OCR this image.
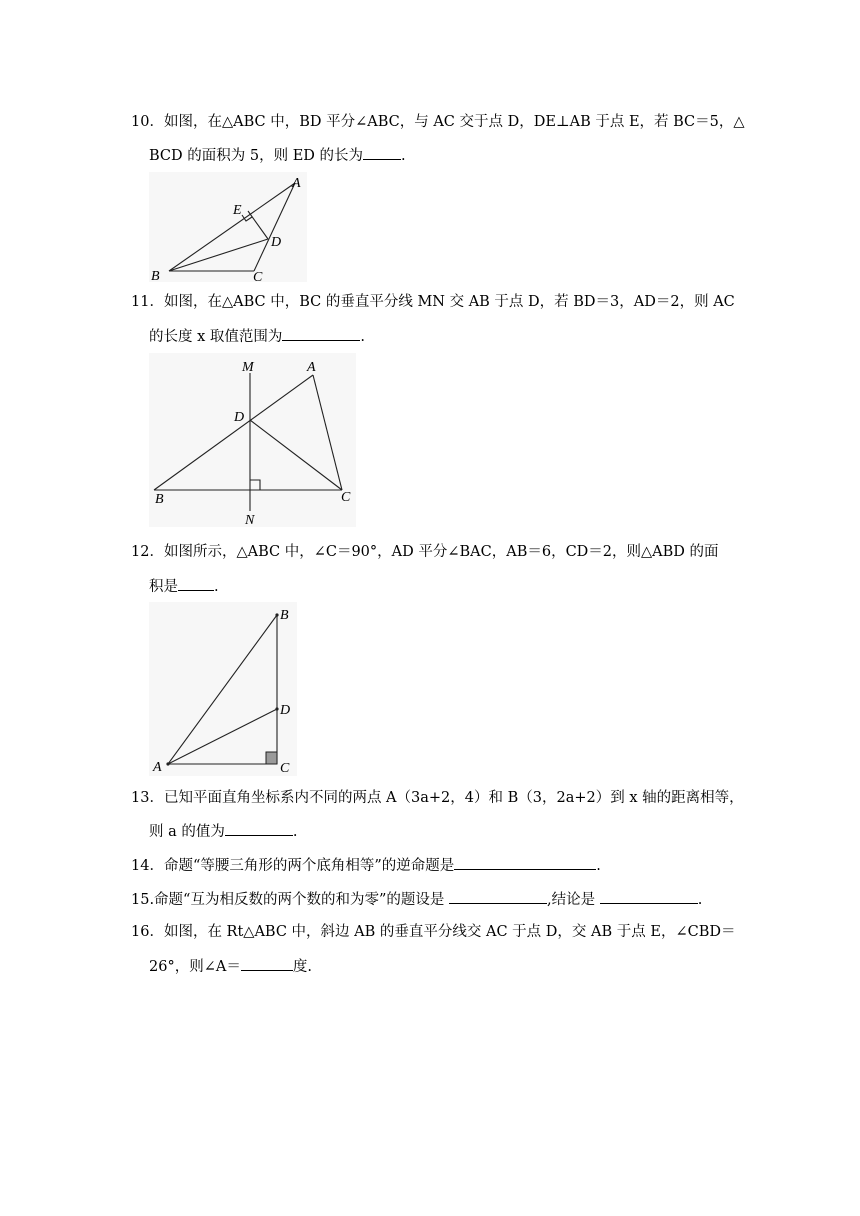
10．如图，在△ABC 中，BD 平分∠ABC，与 AC 交于点 D，DE⊥AB 于点 E，若 BC＝5，△
BCD 的面积为 5，则 ED 的长为	.
A
E
D
B	C
11．如图，在△ABC 中，BC 的垂直平分线 MN 交 AB 于点 D，若 BD＝3，AD＝2，则 AC
的长度 x 取值范围为	.
M	A
D
B	C
N
12．如图所示，△ABC 中，∠C＝90°，AD 平分∠BAC，AB＝6，CD＝2，则△ABD 的面
积是 .
B
D
A	C
13．已知平面直角坐标系内不同的两点 A（3a+2，4）和 B（3，2a+2）到 x 轴的距离相等，
则 a 的值为	.
14．命题“等腰三角形的两个底角相等”的逆命题是	.
15.命题“互为相反数的两个数的和为零”的题设是	,结论是	.
16．如图，在 Rt△ABC 中，斜边 AB 的垂直平分线交 AC 于点 D，交 AB 于点 E，∠CBD＝
26°，则∠A＝	度.
